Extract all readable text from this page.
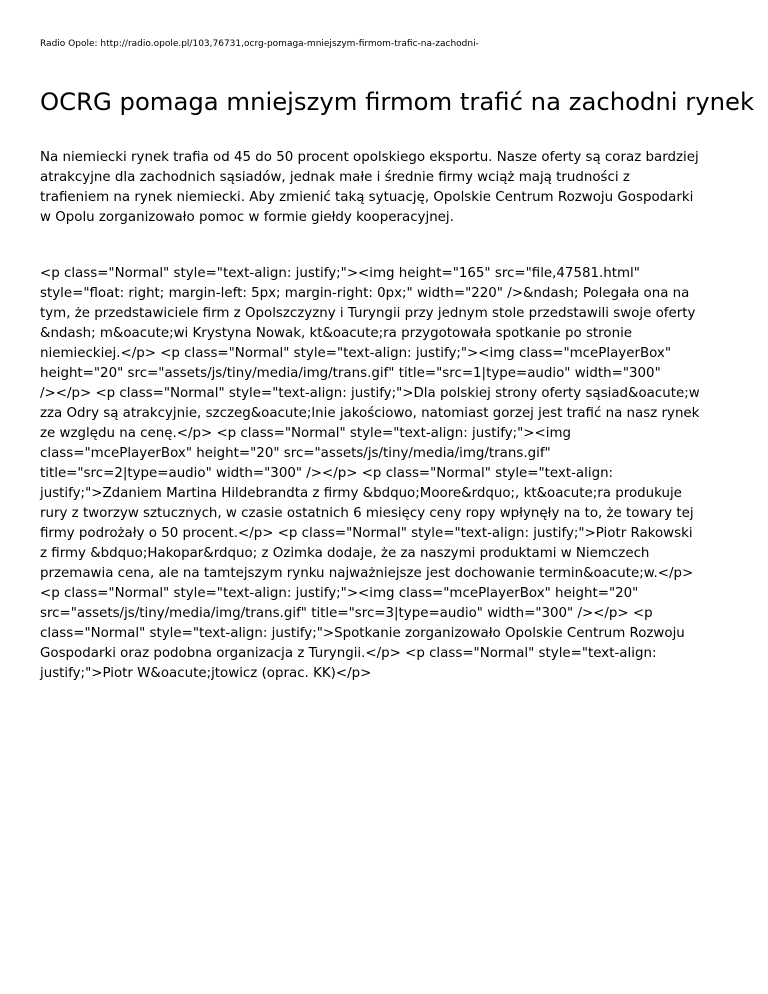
Radio Opole: http://radio.opole.pl/103,76731,ocrg-pomaga-mniejszym-firmom-trafic-na-zachodni-
OCRG pomaga mniejszym firmom trafić na zachodni rynek

Na niemiecki rynek trafia od 45 do 50 procent opolskiego eksportu. Nasze oferty są coraz bardziej
atrakcyjne dla zachodnich sąsiadów, jednak małe i średnie firmy wciąż mają trudności z
trafieniem na rynek niemiecki. Aby zmienić taką sytuację, Opolskie Centrum Rozwoju Gospodarki
w Opolu zorganizowało pomoc w formie giełdy kooperacyjnej.

<p class="Normal" style="text-align: justify;"><img height="165" src="file,47581.html"
style="float: right; margin-left: 5px; margin-right: 0px;" width="220" />&ndash; Polegała ona na
tym, że przedstawiciele firm z Opolszczyzny i Turyngii przy jednym stole przedstawili swoje oferty
&ndash; m&oacute;wi Krystyna Nowak, kt&oacute;ra przygotowała spotkanie po stronie
niemieckiej.</p> <p class="Normal" style="text-align: justify;"><img class="mcePlayerBox"
height="20" src="assets/js/tiny/media/img/trans.gif" title="src=1|type=audio" width="300"
/></p> <p class="Normal" style="text-align: justify;">Dla polskiej strony oferty sąsiad&oacute;w
zza Odry są atrakcyjnie, szczeg&oacute;lnie jakościowo, natomiast gorzej jest trafić na nasz rynek
ze względu na cenę.</p> <p class="Normal" style="text-align: justify;"><img
class="mcePlayerBox" height="20" src="assets/js/tiny/media/img/trans.gif"
title="src=2|type=audio" width="300" /></p> <p class="Normal" style="text-align:
justify;">Zdaniem Martina Hildebrandta z firmy &bdquo;Moore&rdquo;, kt&oacute;ra produkuje
rury z tworzyw sztucznych, w czasie ostatnich 6 miesięcy ceny ropy wpłynęły na to, że towary tej
firmy podrożały o 50 procent.</p> <p class="Normal" style="text-align: justify;">Piotr Rakowski
z firmy &bdquo;Hakopar&rdquo; z Ozimka dodaje, że za naszymi produktami w Niemczech
przemawia cena, ale na tamtejszym rynku najważniejsze jest dochowanie termin&oacute;w.</p>
<p class="Normal" style="text-align: justify;"><img class="mcePlayerBox" height="20"
src="assets/js/tiny/media/img/trans.gif" title="src=3|type=audio" width="300" /></p> <p
class="Normal" style="text-align: justify;">Spotkanie zorganizowało Opolskie Centrum Rozwoju
Gospodarki oraz podobna organizacja z Turyngii.</p> <p class="Normal" style="text-align:
justify;">Piotr W&oacute;jtowicz (oprac. KK)</p>
